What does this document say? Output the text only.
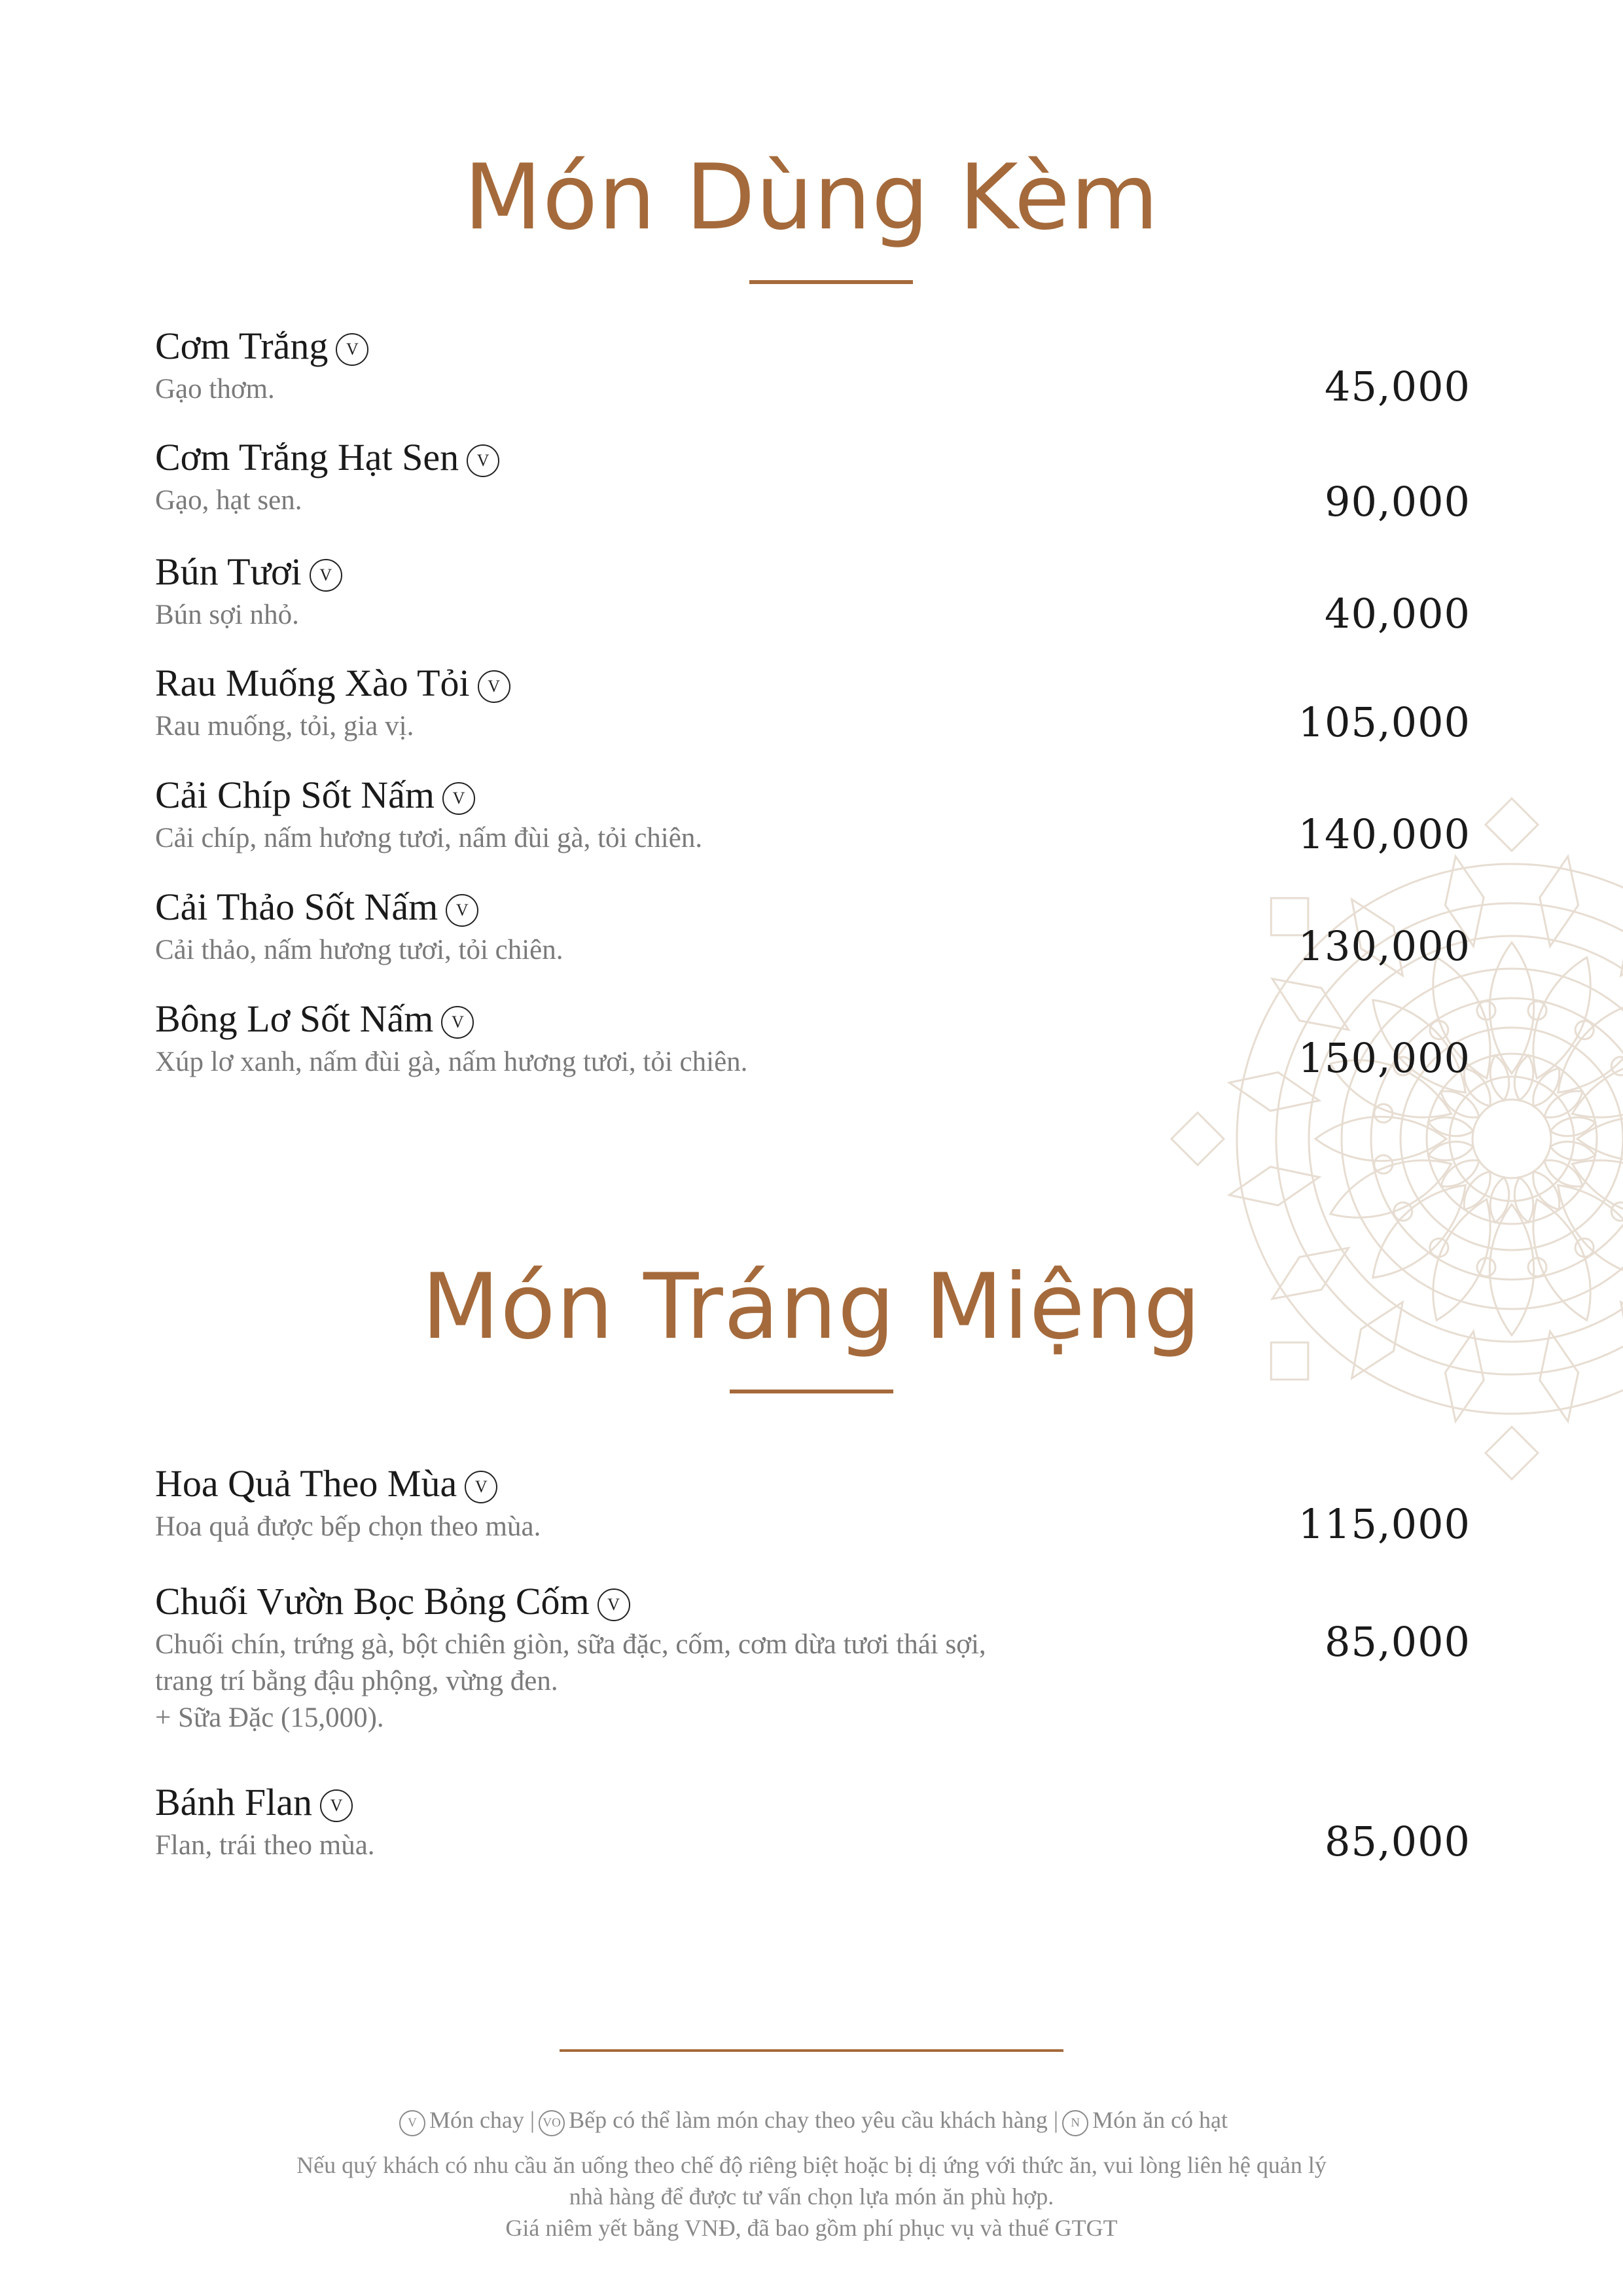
Món Dùng Kèm
Cơm Trắng V
Gạo thơm.	45,000
Cơm Trắng Hạt Sen V
Gạo, hạt sen.	90,000
Bún Tươi V
Bún sợi nhỏ.	40,000
Rau Muống Xào Tỏi V
Rau muống, tỏi, gia vị.	105,000
Cải Chíp Sốt Nấm V
Cải chíp, nấm hương tươi, nấm đùi gà, tỏi chiên.	140,000
Cải Thảo Sốt Nấm V
Cải thảo, nấm hương tươi, tỏi chiên.	130,000
Bông Lơ Sốt Nấm V
Xúp lơ xanh, nấm đùi gà, nấm hương tươi, tỏi chiên.	150,000
Món Tráng Miệng
Hoa Quả Theo Mùa V
Hoa quả được bếp chọn theo mùa.	115,000
Chuối Vườn Bọc Bỏng Cốm V
Chuối chín, trứng gà, bột chiên giòn, sữa đặc, cốm, cơm dừa tươi thái sợi,
trang trí bằng đậu phộng, vừng đen.
+ Sữa Đặc (15,000).
85,000
Bánh Flan V
Flan, trái theo mùa.	85,000
V Món chay | VO Bếp có thể làm món chay theo yêu cầu khách hàng | N Món ăn có hạt
Nếu quý khách có nhu cầu ăn uống theo chế độ riêng biệt hoặc bị dị ứng với thức ăn, vui lòng liên hệ quản lý
nhà hàng để được tư vấn chọn lựa món ăn phù hợp.
Giá niêm yết bằng VNĐ, đã bao gồm phí phục vụ và thuế GTGT
